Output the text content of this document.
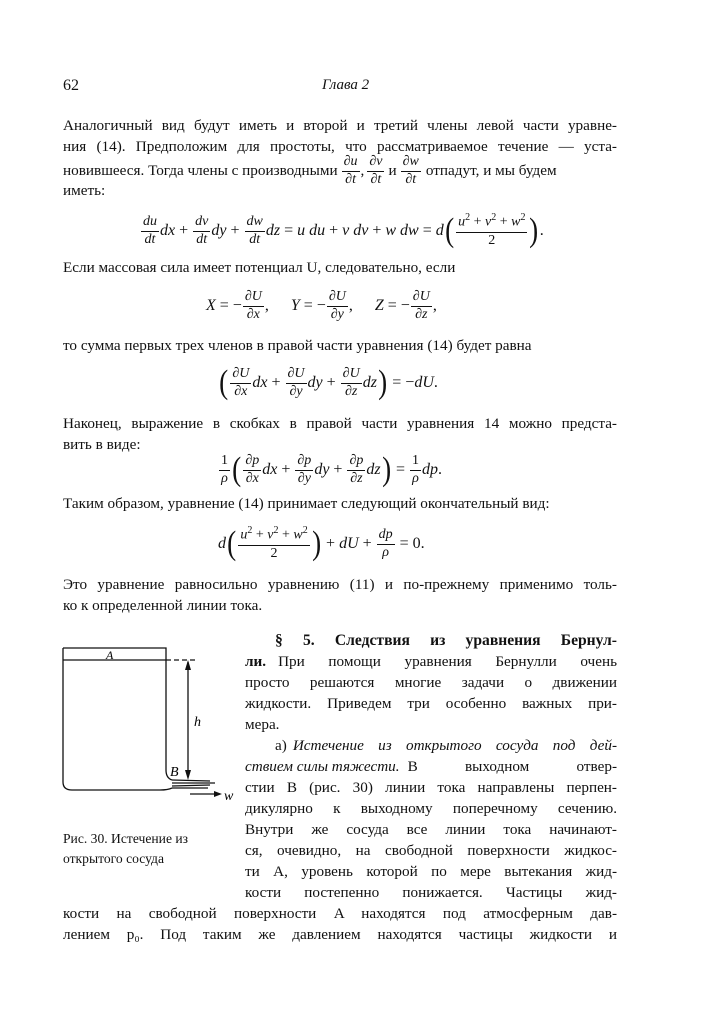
62	Глава 2
Аналогичный вид будут иметь и второй и третий члены левой части уравне-
ния (14). Предположим для простоты, что рассматриваемое течение — уста-
новившееся. Тогда члены с производными $\frac{\partial u}{\partial t}$ , $\frac{\partial v}{\partial t}$ и $\frac{\partial w}{\partial t}$ отпадут, и мы будем
иметь:
$\frac{du}{dt}$ dx + $\frac{dv}{dt}$ dy + $\frac{dw}{dt}$ dz = u du + v dv + w dw = d ( $\frac{u^2 + v^2 + w^2}{2}$ ) .
Если массовая сила имеет потенциал U, следовательно, если
X = − $\frac{\partial U}{\partial x}$ , Y = − $\frac{\partial U}{\partial y}$ , Z = − $\frac{\partial U}{\partial z}$ ,
то сумма первых трех членов в правой части уравнения (14) будет равна
( $\frac{\partial U}{\partial x}$ dx + $\frac{\partial U}{\partial y}$ dy + $\frac{\partial U}{\partial z}$ dz ) = − dU .
Наконец, выражение в скобках в правой части уравнения 14 можно предста-
вить в виде:
$\frac{1}{\rho}$ ( $\frac{\partial p}{\partial x}$ dx + $\frac{\partial p}{\partial y}$ dy + $\frac{\partial p}{\partial z}$ dz ) = $\frac{1}{\rho}$ dp .
Таким образом, уравнение (14) принимает следующий окончательный вид:
d ( $\frac{u^2 + v^2 + w^2}{2}$ ) + dU + $\frac{dp}{\rho} = 0$.
Это уравнение равносильно уравнению (11) и по-прежнему применимо толь-
ко к определенной линии тока.
A
h
B
w
Рис. 30. Истечение из
открытого сосуда
§ 5. Следствия из уравнения Бернул-
ли. При помощи уравнения Бернулли очень
просто решаются многие задачи о движении
жидкости. Приведем три особенно важных при-
мера.
а) Истечение из открытого сосуда под дей-
ствием силы тяжести. В выходном отвер-
стии B (рис. 30) линии тока направлены перпен-
дикулярно к выходному поперечному сечению.
Внутри же сосуда все линии тока начинают-
ся, очевидно, на свободной поверхности жидкос-
ти A, уровень которой по мере вытекания жид-
кости постепенно понижается. Частицы жид-
кости на свободной поверхности A находятся под атмосферным дав-
лением p₀. Под таким же давлением находятся частицы жидкости и
